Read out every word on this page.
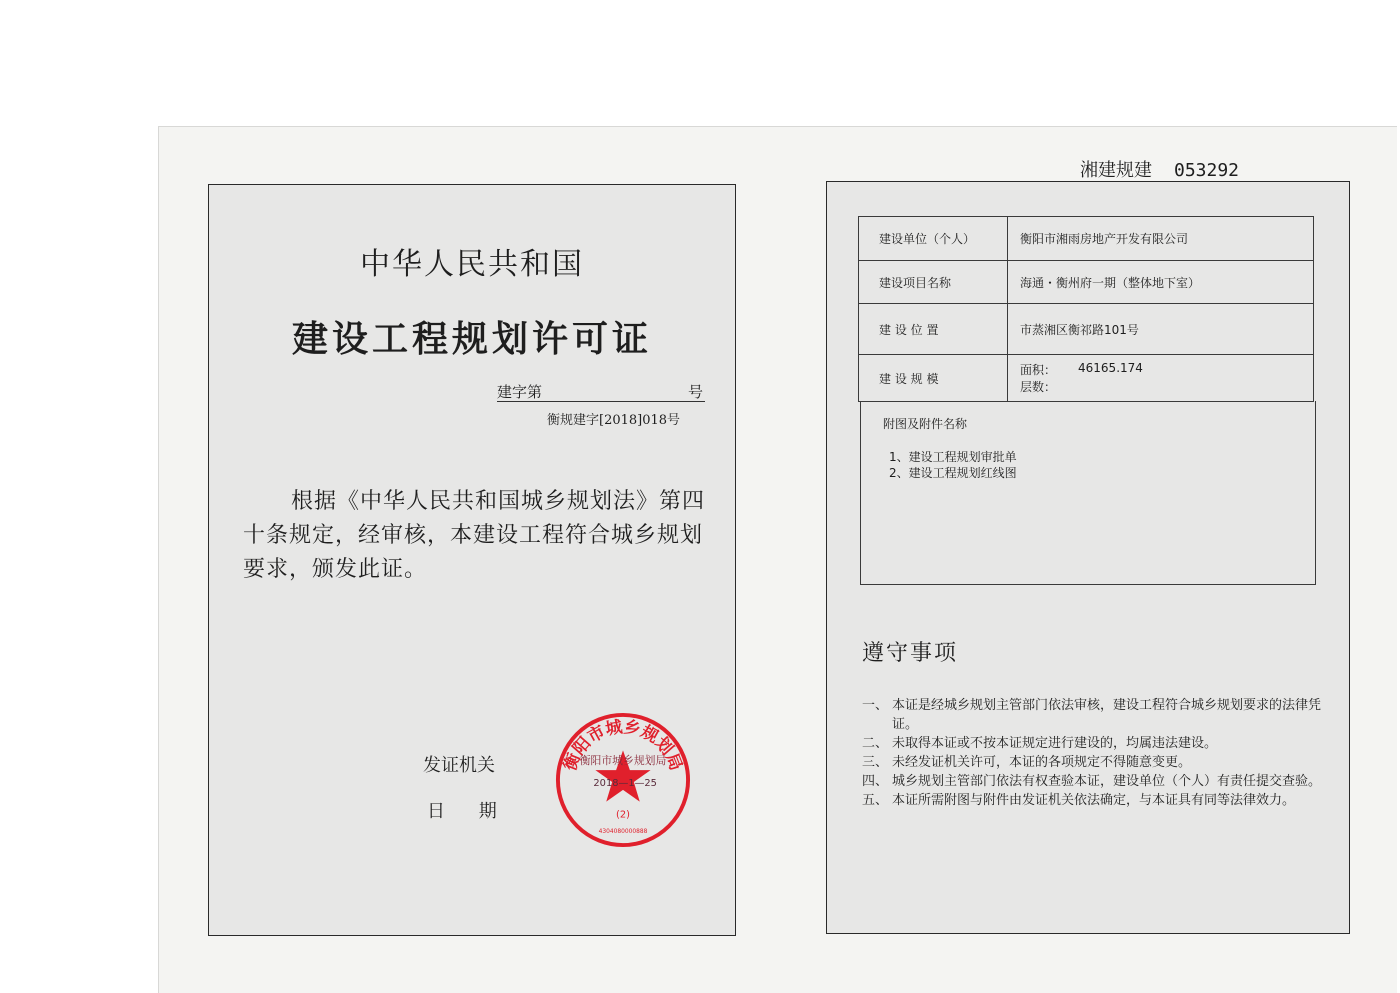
中华人民共和国
建设工程规划许可证
建字第	号
衡规建字[2018]018号
根据《中华人民共和国城乡规划法》第四十条规定，经审核，本建设工程符合城乡规划要求，颁发此证。
发证机关
日 期
衡阳市城乡规划局
衡阳市城乡规划局
2018—1—25
(2)
4304080000888
湘建规建 053292
建设单位（个人）	衡阳市湘雨房地产开发有限公司
建设项目名称	海通・衡州府一期（整体地下室）
建 设 位 置	市蒸湘区衡祁路101号
建 设 规 模	面积： 46165.174
层数：
附图及附件名称
1、建设工程规划审批单
2、建设工程规划红线图
遵守事项
一、 本证是经城乡规划主管部门依法审核，建设工程符合城乡规划要求的法律凭证。
二、 未取得本证或不按本证规定进行建设的，均属违法建设。
三、 未经发证机关许可，本证的各项规定不得随意变更。
四、 城乡规划主管部门依法有权查验本证，建设单位（个人）有责任提交查验。
五、 本证所需附图与附件由发证机关依法确定，与本证具有同等法律效力。
